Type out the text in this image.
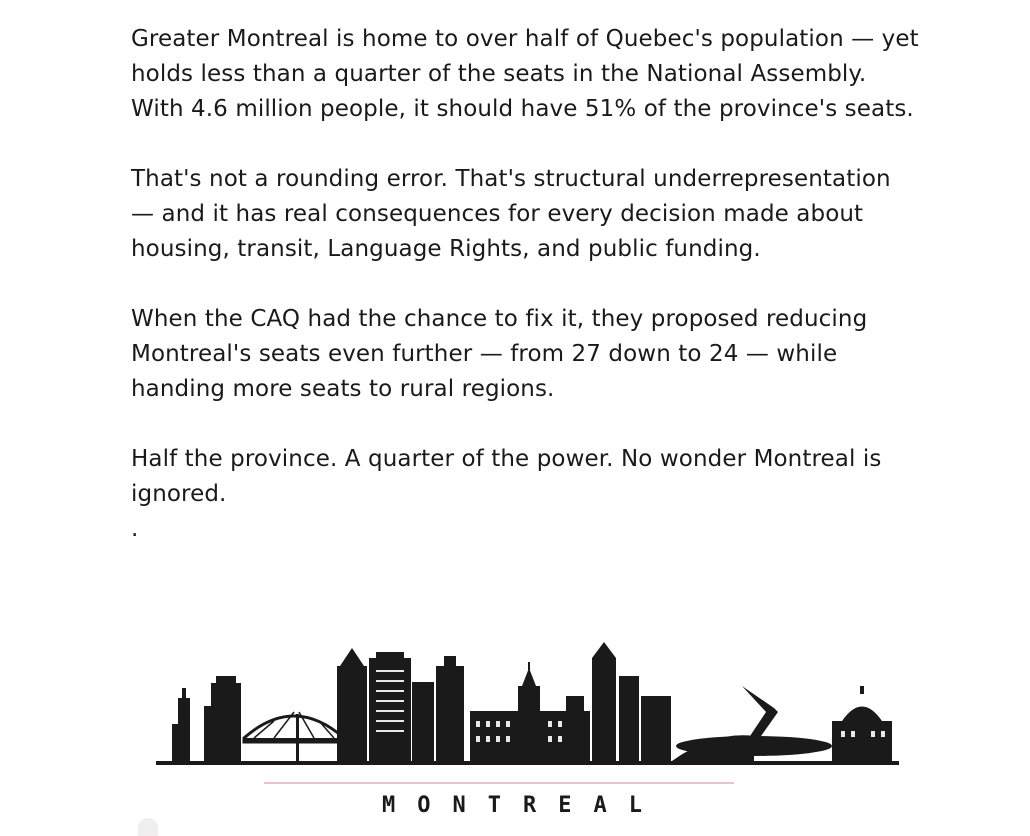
Greater Montreal is home to over half of Quebec's population — yet holds less than a quarter of the seats in the National Assembly. With 4.6 million people, it should have 51% of the province's seats.

That's not a rounding error. That's structural underrepresentation — and it has real consequences for every decision made about housing, transit, Language Rights, and public funding.

When the CAQ had the chance to fix it, they proposed reducing Montreal's seats even further — from 27 down to 24 — while handing more seats to rural regions.

Half the province. A quarter of the power. No wonder Montreal is ignored.

.

MONTREAL
